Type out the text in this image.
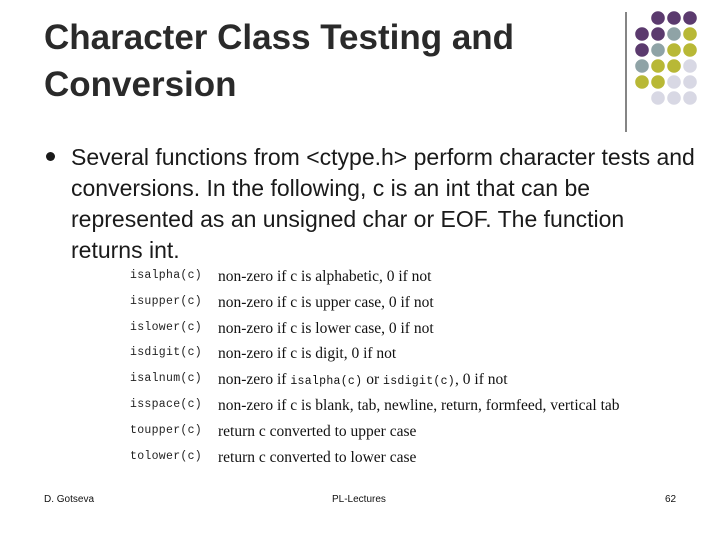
Character Class Testing and
Conversion
Several functions from <ctype.h> perform character tests and conversions. In the following, c is an int that can be represented as an unsigned char or EOF. The function returns int.
isalpha(c) non-zero if c is alphabetic, 0 if not
isupper(c) non-zero if c is upper case, 0 if not
islower(c) non-zero if c is lower case, 0 if not
isdigit(c) non-zero if c is digit, 0 if not
isalnum(c) non-zero if isalpha(c) or isdigit(c), 0 if not
isspace(c) non-zero if c is blank, tab, newline, return, formfeed, vertical tab
toupper(c) return c converted to upper case
tolower(c) return c converted to lower case
D. Gotseva	PL-Lectures	62
